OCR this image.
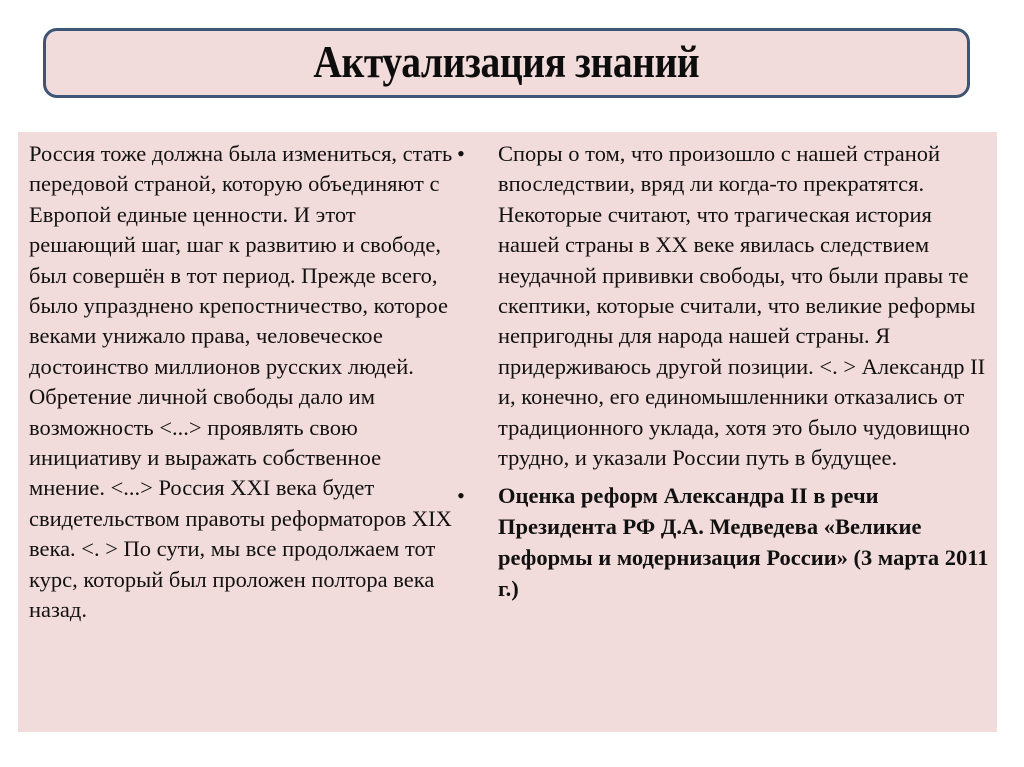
Актуализация знаний
Россия тоже должна была измениться, стать передовой страной, которую объединяют с Европой единые ценности. И этот решающий шаг, шаг к развитию и свободе, был совершён в тот период. Прежде всего, было упразднено крепостничество, которое веками унижало права, человеческое достоинство миллионов русских людей. Обретение личной свободы дало им возможность <...> проявлять свою инициативу и выражать собственное мнение. <...> Россия XXI века будет свидетельством правоты реформаторов XIX века. <. > По сути, мы все продолжаем тот курс, который был проложен полтора века назад.
•	Споры о том, что произошло с нашей страной впоследствии, вряд ли когда-то прекратятся. Некоторые считают, что трагическая история нашей страны в XX веке явилась следствием неудачной прививки свободы, что были правы те скептики, которые считали, что великие реформы непригодны для народа нашей страны. Я придерживаюсь другой позиции. <. > Александр II и, конечно, его единомышленники отказались от традиционного уклада, хотя это было чудовищно трудно, и указали России путь в будущее.
•	Оценка реформ Александра II в речи Президента РФ Д.А. Медведева «Великие реформы и модернизация России» (3 марта 2011 г.)
